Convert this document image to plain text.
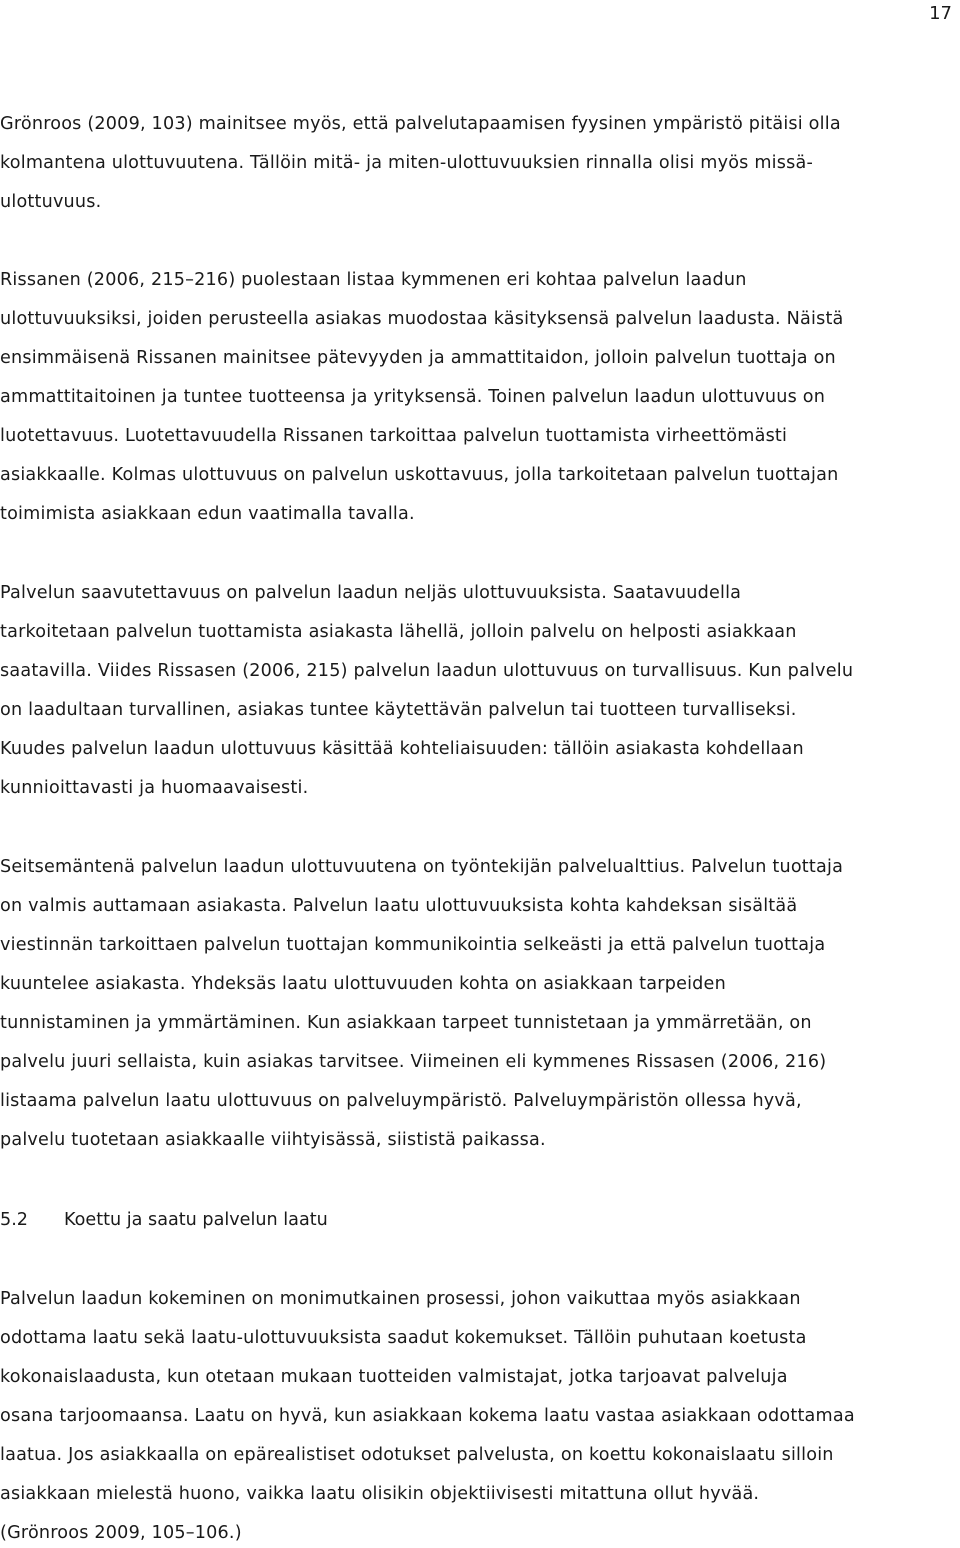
17
Grönroos (2009, 103) mainitsee myös, että palvelutapaamisen fyysinen ympäristö pitäisi olla
kolmantena ulottuvuutena. Tällöin mitä- ja miten-ulottuvuuksien rinnalla olisi myös missä-
ulottuvuus.
Rissanen (2006, 215–216) puolestaan listaa kymmenen eri kohtaa palvelun laadun
ulottuvuuksiksi, joiden perusteella asiakas muodostaa käsityksensä palvelun laadusta. Näistä
ensimmäisenä Rissanen mainitsee pätevyyden ja ammattitaidon, jolloin palvelun tuottaja on
ammattitaitoinen ja tuntee tuotteensa ja yrityksensä. Toinen palvelun laadun ulottuvuus on
luotettavuus. Luotettavuudella Rissanen tarkoittaa palvelun tuottamista virheettömästi
asiakkaalle. Kolmas ulottuvuus on palvelun uskottavuus, jolla tarkoitetaan palvelun tuottajan
toimimista asiakkaan edun vaatimalla tavalla.
Palvelun saavutettavuus on palvelun laadun neljäs ulottuvuuksista. Saatavuudella
tarkoitetaan palvelun tuottamista asiakasta lähellä, jolloin palvelu on helposti asiakkaan
saatavilla. Viides Rissasen (2006, 215) palvelun laadun ulottuvuus on turvallisuus. Kun palvelu
on laadultaan turvallinen, asiakas tuntee käytettävän palvelun tai tuotteen turvalliseksi.
Kuudes palvelun laadun ulottuvuus käsittää kohteliaisuuden: tällöin asiakasta kohdellaan
kunnioittavasti ja huomaavaisesti.
Seitsemäntenä palvelun laadun ulottuvuutena on työntekijän palvelualttius. Palvelun tuottaja
on valmis auttamaan asiakasta. Palvelun laatu ulottuvuuksista kohta kahdeksan sisältää
viestinnän tarkoittaen palvelun tuottajan kommunikointia selkeästi ja että palvelun tuottaja
kuuntelee asiakasta. Yhdeksäs laatu ulottuvuuden kohta on asiakkaan tarpeiden
tunnistaminen ja ymmärtäminen. Kun asiakkaan tarpeet tunnistetaan ja ymmärretään, on
palvelu juuri sellaista, kuin asiakas tarvitsee. Viimeinen eli kymmenes Rissasen (2006, 216)
listaama palvelun laatu ulottuvuus on palveluympäristö. Palveluympäristön ollessa hyvä,
palvelu tuotetaan asiakkaalle viihtyisässä, siististä paikassa.
5.2 Koettu ja saatu palvelun laatu
Palvelun laadun kokeminen on monimutkainen prosessi, johon vaikuttaa myös asiakkaan
odottama laatu sekä laatu-ulottuvuuksista saadut kokemukset. Tällöin puhutaan koetusta
kokonaislaadusta, kun otetaan mukaan tuotteiden valmistajat, jotka tarjoavat palveluja
osana tarjoomaansa. Laatu on hyvä, kun asiakkaan kokema laatu vastaa asiakkaan odottamaa
laatua. Jos asiakkaalla on epärealistiset odotukset palvelusta, on koettu kokonaislaatu silloin
asiakkaan mielestä huono, vaikka laatu olisikin objektiivisesti mitattuna ollut hyvää.
(Grönroos 2009, 105–106.)
